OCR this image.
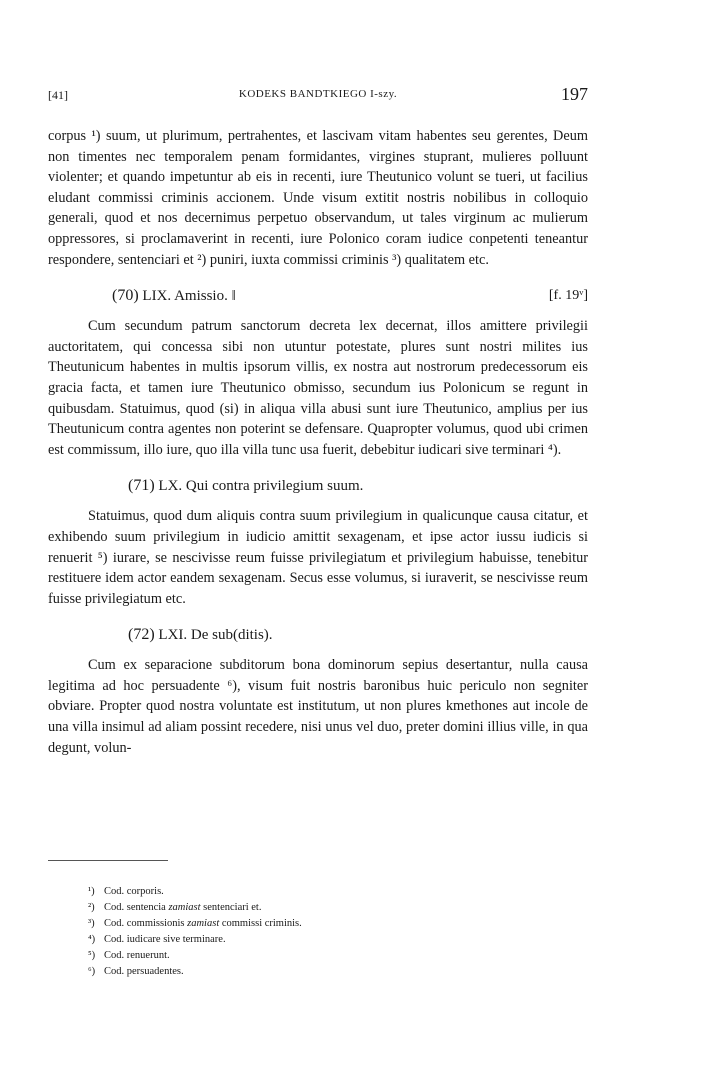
[41]	KODEKS BANDTKIEGO I-szy.	197

corpus ¹) suum, ut plurimum, pertrahentes, et lascivam vitam habentes seu gerentes, Deum non timentes nec temporalem penam formidantes, virgines stuprant, mulieres polluunt violenter; et quando impetuntur ab eis in recenti, iure Theutunico volunt se tueri, ut facilius eludant commissi criminis accionem. Unde visum extitit nostris nobilibus in colloquio generali, quod et nos decernimus perpetuo observandum, ut tales virginum ac mulierum oppressores, si proclamaverint in recenti, iure Polonico coram iudice conpetenti teneantur respondere, sentenciari et ²) puniri, iuxta commissi criminis ³) qualitatem etc.

(70) LIX. Amissio. ‖	[f. 19ᵛ]

Cum secundum patrum sanctorum decreta lex decernat, illos amittere privilegii auctoritatem, qui concessa sibi non utuntur potestate, plures sunt nostri milites ius Theutunicum habentes in multis ipsorum villis, ex nostra aut nostrorum predecessorum eis gracia facta, et tamen iure Theutunico obmisso, secundum ius Polonicum se regunt in quibusdam. Statuimus, quod (si) in aliqua villa abusi sunt iure Theutunico, amplius per ius Theutunicum contra agentes non poterint se defensare. Quapropter volumus, quod ubi crimen est commissum, illo iure, quo illa villa tunc usa fuerit, debebitur iudicari sive terminari ⁴).

(71) LX. Qui contra privilegium suum.

Statuimus, quod dum aliquis contra suum privilegium in qualicunque causa citatur, et exhibendo suum privilegium in iudicio amittit sexagenam, et ipse actor iussu iudicis si renuerit ⁵) iurare, se nescivisse reum fuisse privilegiatum et privilegium habuisse, tenebitur restituere idem actor eandem sexagenam. Secus esse volumus, si iuraverit, se nescivisse reum fuisse privilegiatum etc.

(72) LXI. De sub(ditis).

Cum ex separacione subditorum bona dominorum sepius desertantur, nulla causa legitima ad hoc persuadente ⁶), visum fuit nostris baronibus huic periculo non segniter obviare. Propter quod nostra voluntate est institutum, ut non plures kmethones aut incole de una villa insimul ad aliam possint recedere, nisi unus vel duo, preter domini illius ville, in qua degunt, volun-

¹) Cod. corporis.

²) Cod. sentencia zamiast sentenciari et.

³) Cod. commissionis zamiast commissi criminis.

⁴) Cod. iudicare sive terminare.

⁵) Cod. renuerunt.

⁶) Cod. persuadentes.
